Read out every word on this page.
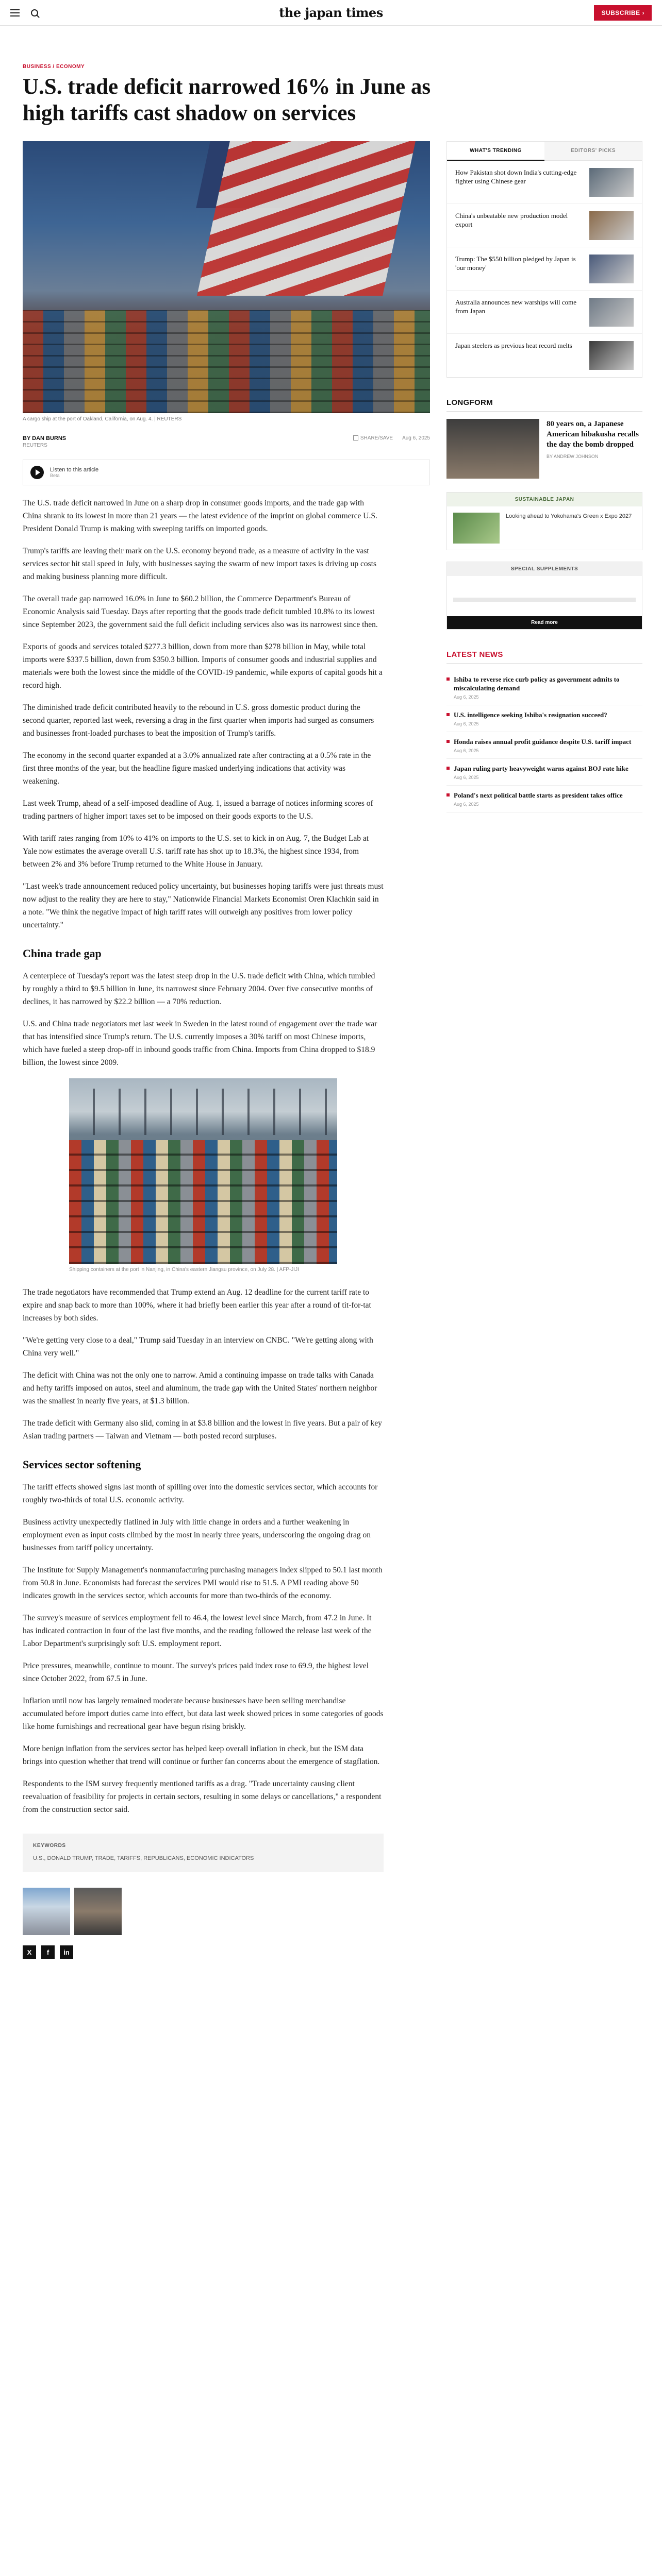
the japan times	SUBSCRIBE ›
BUSINESS / ECONOMY
U.S. trade deficit narrowed 16% in June as high tariffs cast shadow on services
A cargo ship at the port of Oakland, California, on Aug. 4. | REUTERS
BY DAN BURNS
REUTERS
SHARE/SAVE Aug 6, 2025
Listen to this article
Beta

The U.S. trade deficit narrowed in June on a sharp drop in consumer goods imports, and the trade gap with China shrank to its lowest in more than 21 years — the latest evidence of the imprint on global commerce U.S. President Donald Trump is making with sweeping tariffs on imported goods.

Trump's tariffs are leaving their mark on the U.S. economy beyond trade, as a measure of activity in the vast services sector hit stall speed in July, with businesses saying the swarm of new import taxes is driving up costs and making business planning more difficult.

The overall trade gap narrowed 16.0% in June to $60.2 billion, the Commerce Department's Bureau of Economic Analysis said Tuesday. Days after reporting that the goods trade deficit tumbled 10.8% to its lowest since September 2023, the government said the full deficit including services also was its narrowest since then.

Exports of goods and services totaled $277.3 billion, down from more than $278 billion in May, while total imports were $337.5 billion, down from $350.3 billion. Imports of consumer goods and industrial supplies and materials were both the lowest since the middle of the COVID-19 pandemic, while exports of capital goods hit a record high.

The diminished trade deficit contributed heavily to the rebound in U.S. gross domestic product during the second quarter, reported last week, reversing a drag in the first quarter when imports had surged as consumers and businesses front-loaded purchases to beat the imposition of Trump's tariffs.

The economy in the second quarter expanded at a 3.0% annualized rate after contracting at a 0.5% rate in the first three months of the year, but the headline figure masked underlying indications that activity was weakening.

Last week Trump, ahead of a self-imposed deadline of Aug. 1, issued a barrage of notices informing scores of trading partners of higher import taxes set to be imposed on their goods exports to the U.S.

With tariff rates ranging from 10% to 41% on imports to the U.S. set to kick in on Aug. 7, the Budget Lab at Yale now estimates the average overall U.S. tariff rate has shot up to 18.3%, the highest since 1934, from between 2% and 3% before Trump returned to the White House in January.

"Last week's trade announcement reduced policy uncertainty, but businesses hoping tariffs were just threats must now adjust to the reality they are here to stay," Nationwide Financial Markets Economist Oren Klachkin said in a note. "We think the negative impact of high tariff rates will outweigh any positives from lower policy uncertainty."

China trade gap

A centerpiece of Tuesday's report was the latest steep drop in the U.S. trade deficit with China, which tumbled by roughly a third to $9.5 billion in June, its narrowest since February 2004. Over five consecutive months of declines, it has narrowed by $22.2 billion — a 70% reduction.

U.S. and China trade negotiators met last week in Sweden in the latest round of engagement over the trade war that has intensified since Trump's return. The U.S. currently imposes a 30% tariff on most Chinese imports, which have fueled a steep drop-off in inbound goods traffic from China. Imports from China dropped to $18.9 billion, the lowest since 2009.

Shipping containers at the port in Nanjing, in China's eastern Jiangsu province, on July 28. | AFP-JIJI

The trade negotiators have recommended that Trump extend an Aug. 12 deadline for the current tariff rate to expire and snap back to more than 100%, where it had briefly been earlier this year after a round of tit-for-tat increases by both sides.

"We're getting very close to a deal," Trump said Tuesday in an interview on CNBC. "We're getting along with China very well."

The deficit with China was not the only one to narrow. Amid a continuing impasse on trade talks with Canada and hefty tariffs imposed on autos, steel and aluminum, the trade gap with the United States' northern neighbor was the smallest in nearly five years, at $1.3 billion.

The trade deficit with Germany also slid, coming in at $3.8 billion and the lowest in five years. But a pair of key Asian trading partners — Taiwan and Vietnam — both posted record surpluses.

Services sector softening

The tariff effects showed signs last month of spilling over into the domestic services sector, which accounts for roughly two-thirds of total U.S. economic activity.

Business activity unexpectedly flatlined in July with little change in orders and a further weakening in employment even as input costs climbed by the most in nearly three years, underscoring the ongoing drag on businesses from tariff policy uncertainty.

The Institute for Supply Management's nonmanufacturing purchasing managers index slipped to 50.1 last month from 50.8 in June. Economists had forecast the services PMI would rise to 51.5. A PMI reading above 50 indicates growth in the services sector, which accounts for more than two-thirds of the economy.

The survey's measure of services employment fell to 46.4, the lowest level since March, from 47.2 in June. It has indicated contraction in four of the last five months, and the reading followed the release last week of the Labor Department's surprisingly soft U.S. employment report.

Price pressures, meanwhile, continue to mount. The survey's prices paid index rose to 69.9, the highest level since October 2022, from 67.5 in June.

Inflation until now has largely remained moderate because businesses have been selling merchandise accumulated before import duties came into effect, but data last week showed prices in some categories of goods like home furnishings and recreational gear have begun rising briskly.

More benign inflation from the services sector has helped keep overall inflation in check, but the ISM data brings into question whether that trend will continue or further fan concerns about the emergence of stagflation.

Respondents to the ISM survey frequently mentioned tariffs as a drag. "Trade uncertainty causing client reevaluation of feasibility for projects in certain sectors, resulting in some delays or cancellations," a respondent from the construction sector said.

KEYWORDS
U.S. , DONALD TRUMP , TRADE , TARIFFS , REPUBLICANS , ECONOMIC INDICATORS
X	f	in
WHAT'S TRENDING	EDITORS' PICKS
How Pakistan shot down India's cutting-edge fighter using Chinese gear
China's unbeatable new production model export
Trump: The $550 billion pledged by Japan is 'our money'
Australia announces new warships will come from Japan
Japan steelers as previous heat record melts
LONGFORM
80 years on, a Japanese American hibakusha recalls the day the bomb dropped
BY ANDREW JOHNSON
SUSTAINABLE JAPAN
Looking ahead to Yokohama's Green x Expo 2027
SPECIAL SUPPLEMENTS
Read more
LATEST NEWS
Ishiba to reverse rice curb policy as government admits to miscalculating demand
Aug 6, 2025
U.S. intelligence seeking Ishiba's resignation succeed?
Aug 6, 2025
Honda raises annual profit guidance despite U.S. tariff impact
Aug 6, 2025
Japan ruling party heavyweight warns against BOJ rate hike
Aug 6, 2025
Poland's next political battle starts as president takes office
Aug 6, 2025
